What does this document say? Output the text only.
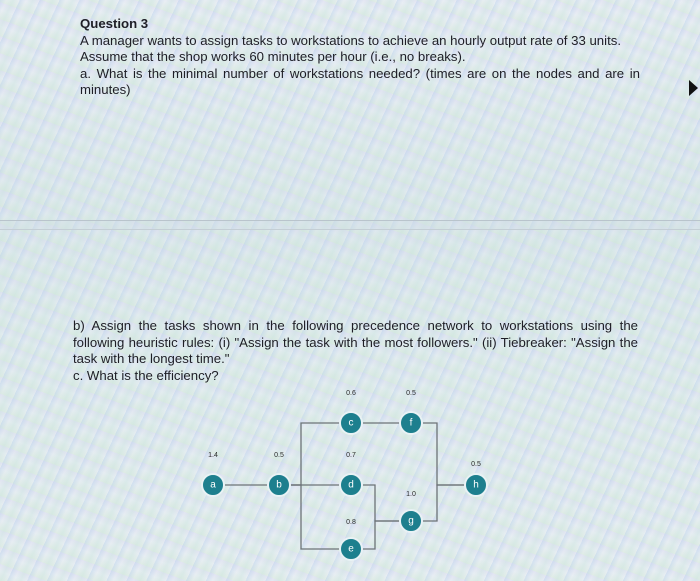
Question 3
A manager wants to assign tasks to workstations to achieve an hourly output rate of 33 units.
Assume that the shop works 60 minutes per hour (i.e., no breaks).
a. What is the minimal number of workstations needed? (times are on the nodes and are in
minutes)
b) Assign the tasks shown in the following precedence network to workstations using the
following heuristic rules: (i) "Assign the task with the most followers." (ii) Tiebreaker: "Assign the
task with the longest time."
c. What is the efficiency?
a
1.4
b
0.5
c
0.6
d
0.7
e
0.8
f
0.5
g
1.0
h
0.5
